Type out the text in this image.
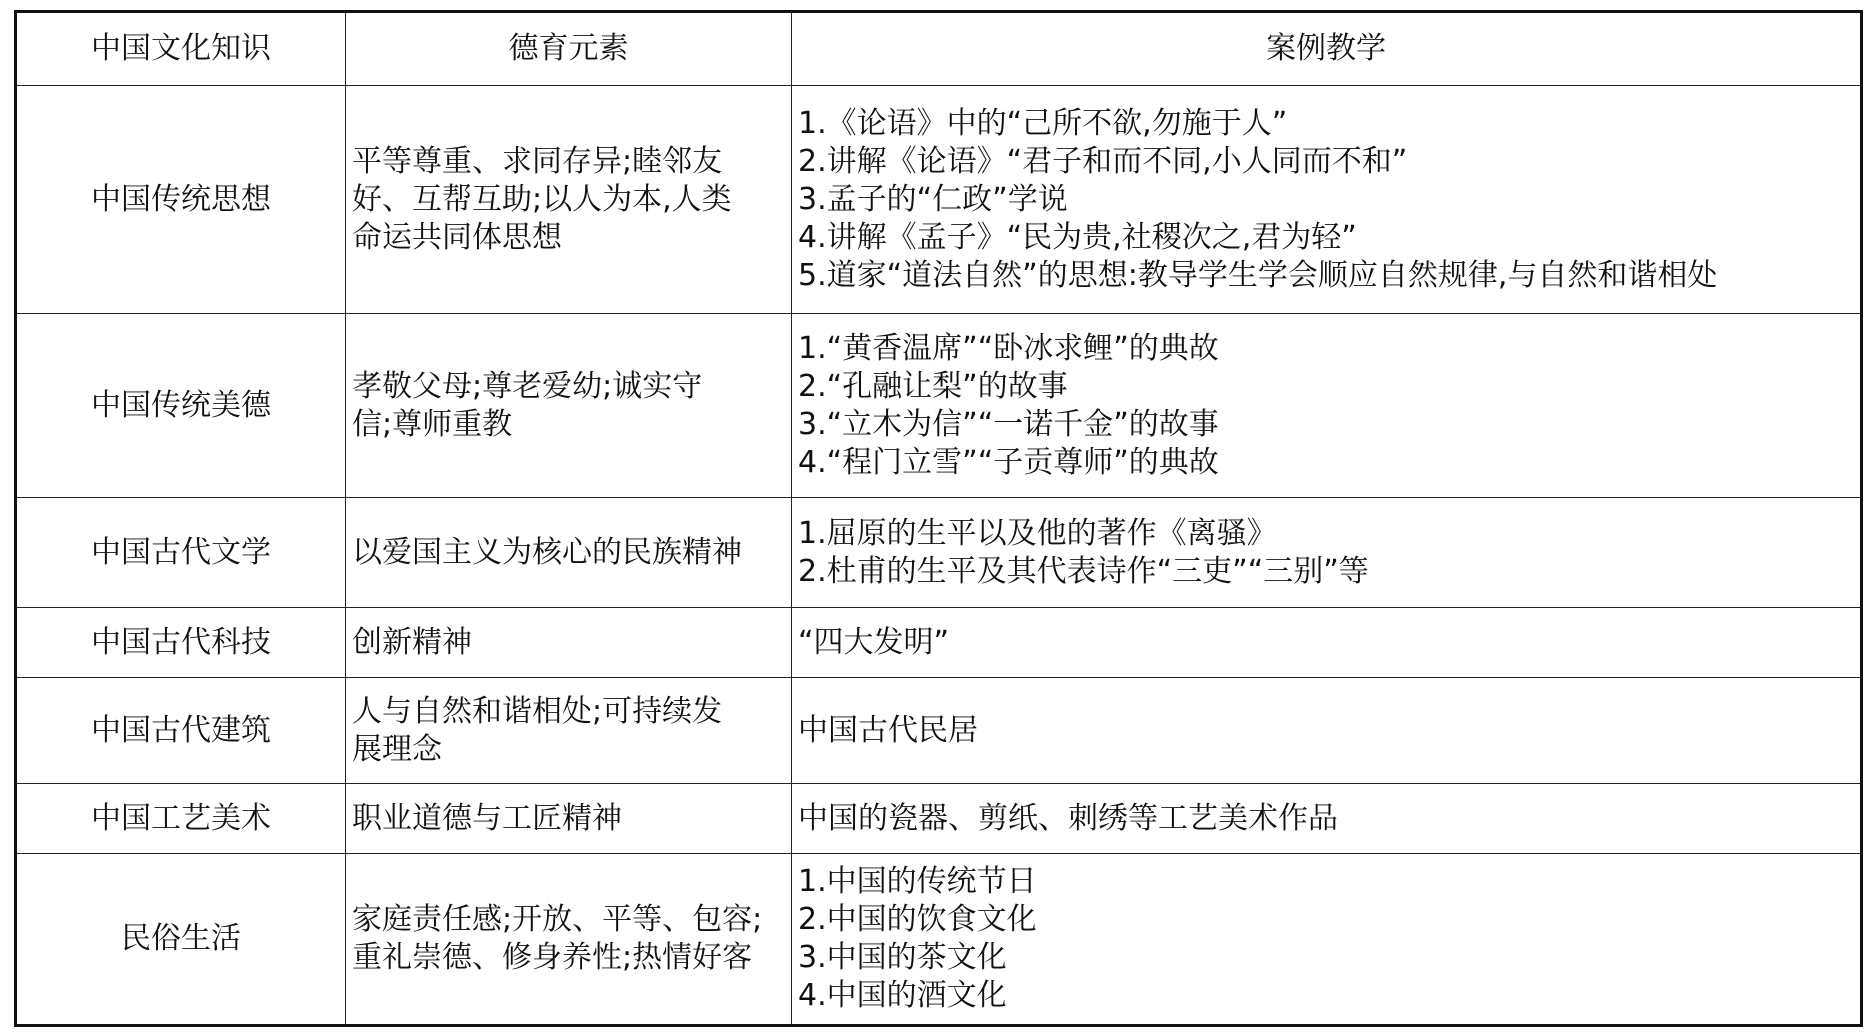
中国文化知识	德育元素	案例教学
中国传统思想	平等尊重、求同存异;睦邻友
好、互帮互助;以人为本,人类
命运共同体思想	1.《论语》中的“己所不欲,勿施于人”
2.讲解《论语》“君子和而不同,小人同而不和”
3.孟子的“仁政”学说
4.讲解《孟子》“民为贵,社稷次之,君为轻”
5.道家“道法自然”的思想:教导学生学会顺应自然规律,与自然和谐相处

中国传统美德	孝敬父母;尊老爱幼;诚实守
信;尊师重教	1.“黄香温席”“卧冰求鲤”的典故
2.“孔融让梨”的故事
3.“立木为信”“一诺千金”的故事
4.“程门立雪”“子贡尊师”的典故

中国古代文学	以爱国主义为核心的民族精神	1.屈原的生平以及他的著作《离骚》
2.杜甫的生平及其代表诗作“三吏”“三别”等

中国古代科技	创新精神	“四大发明”

中国古代建筑	人与自然和谐相处;可持续发
展理念	中国古代民居

中国工艺美术	职业道德与工匠精神	中国的瓷器、剪纸、刺绣等工艺美术作品

民俗生活	家庭责任感;开放、平等、包容;
重礼崇德、修身养性;热情好客	1.中国的传统节日
2.中国的饮食文化
3.中国的茶文化
4.中国的酒文化
